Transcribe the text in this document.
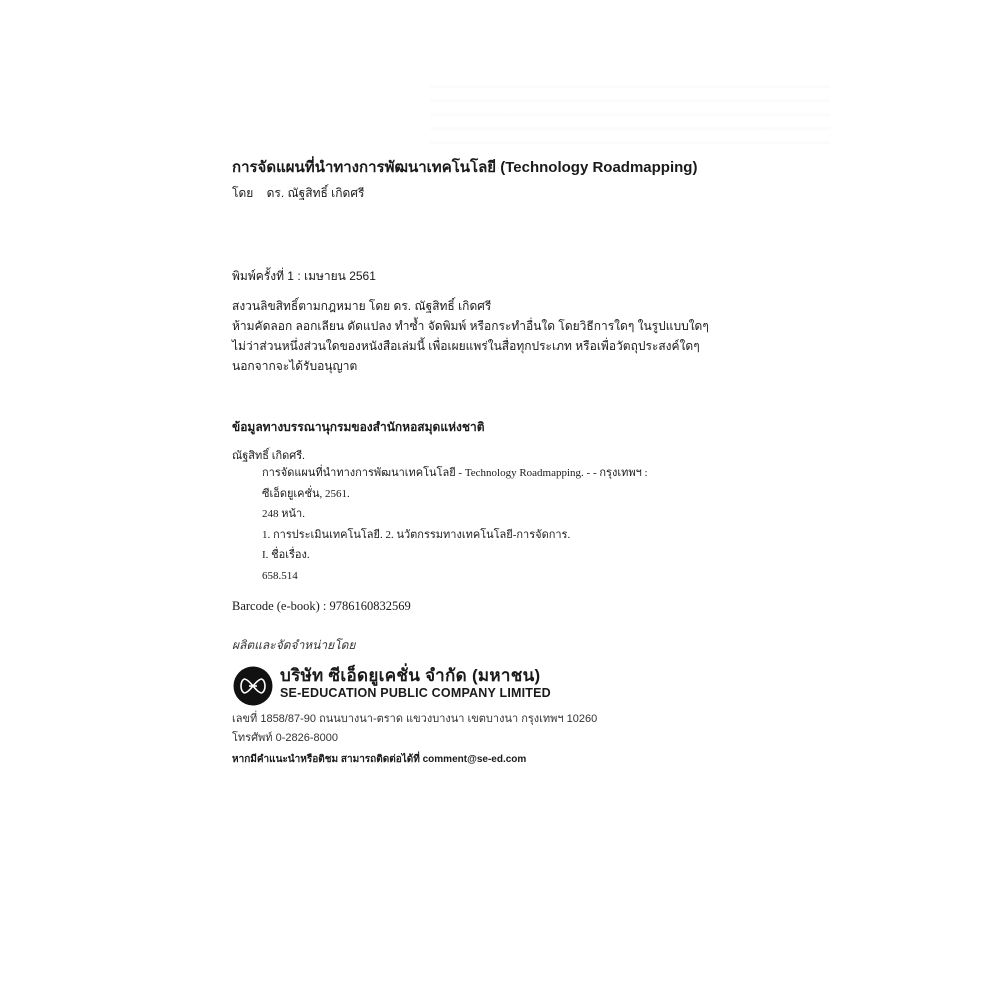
การจัดแผนที่นำทางการพัฒนาเทคโนโลยี (Technology Roadmapping)
โดย ดร. ณัฐสิทธิ์ เกิดศรี
พิมพ์ครั้งที่ 1 : เมษายน 2561
สงวนลิขสิทธิ์ตามกฎหมาย โดย ดร. ณัฐสิทธิ์ เกิดศรี
ห้ามคัดลอก ลอกเลียน ดัดแปลง ทำซ้ำ จัดพิมพ์ หรือกระทำอื่นใด โดยวิธีการใดๆ ในรูปแบบใดๆ
ไม่ว่าส่วนหนึ่งส่วนใดของหนังสือเล่มนี้ เพื่อเผยแพร่ในสื่อทุกประเภท หรือเพื่อวัตถุประสงค์ใดๆ
นอกจากจะได้รับอนุญาต
ข้อมูลทางบรรณานุกรมของสำนักหอสมุดแห่งชาติ
ณัฐสิทธิ์ เกิดศรี.
การจัดแผนที่นำทางการพัฒนาเทคโนโลยี - Technology Roadmapping. - - กรุงเทพฯ :
ซีเอ็ดยูเคชั่น, 2561.
248 หน้า.
1. การประเมินเทคโนโลยี. 2. นวัตกรรมทางเทคโนโลยี-การจัดการ.
I. ชื่อเรื่อง.
658.514
Barcode (e-book) : 9786160832569
ผลิตและจัดจำหน่ายโดย
บริษัท ซีเอ็ดยูเคชั่น จำกัด (มหาชน)
SE-EDUCATION PUBLIC COMPANY LIMITED
เลขที่ 1858/87-90 ถนนบางนา-ตราด แขวงบางนา เขตบางนา กรุงเทพฯ 10260
โทรศัพท์ 0-2826-8000
หากมีคำแนะนำหรือติชม สามารถติดต่อได้ที่ comment@se-ed.com
